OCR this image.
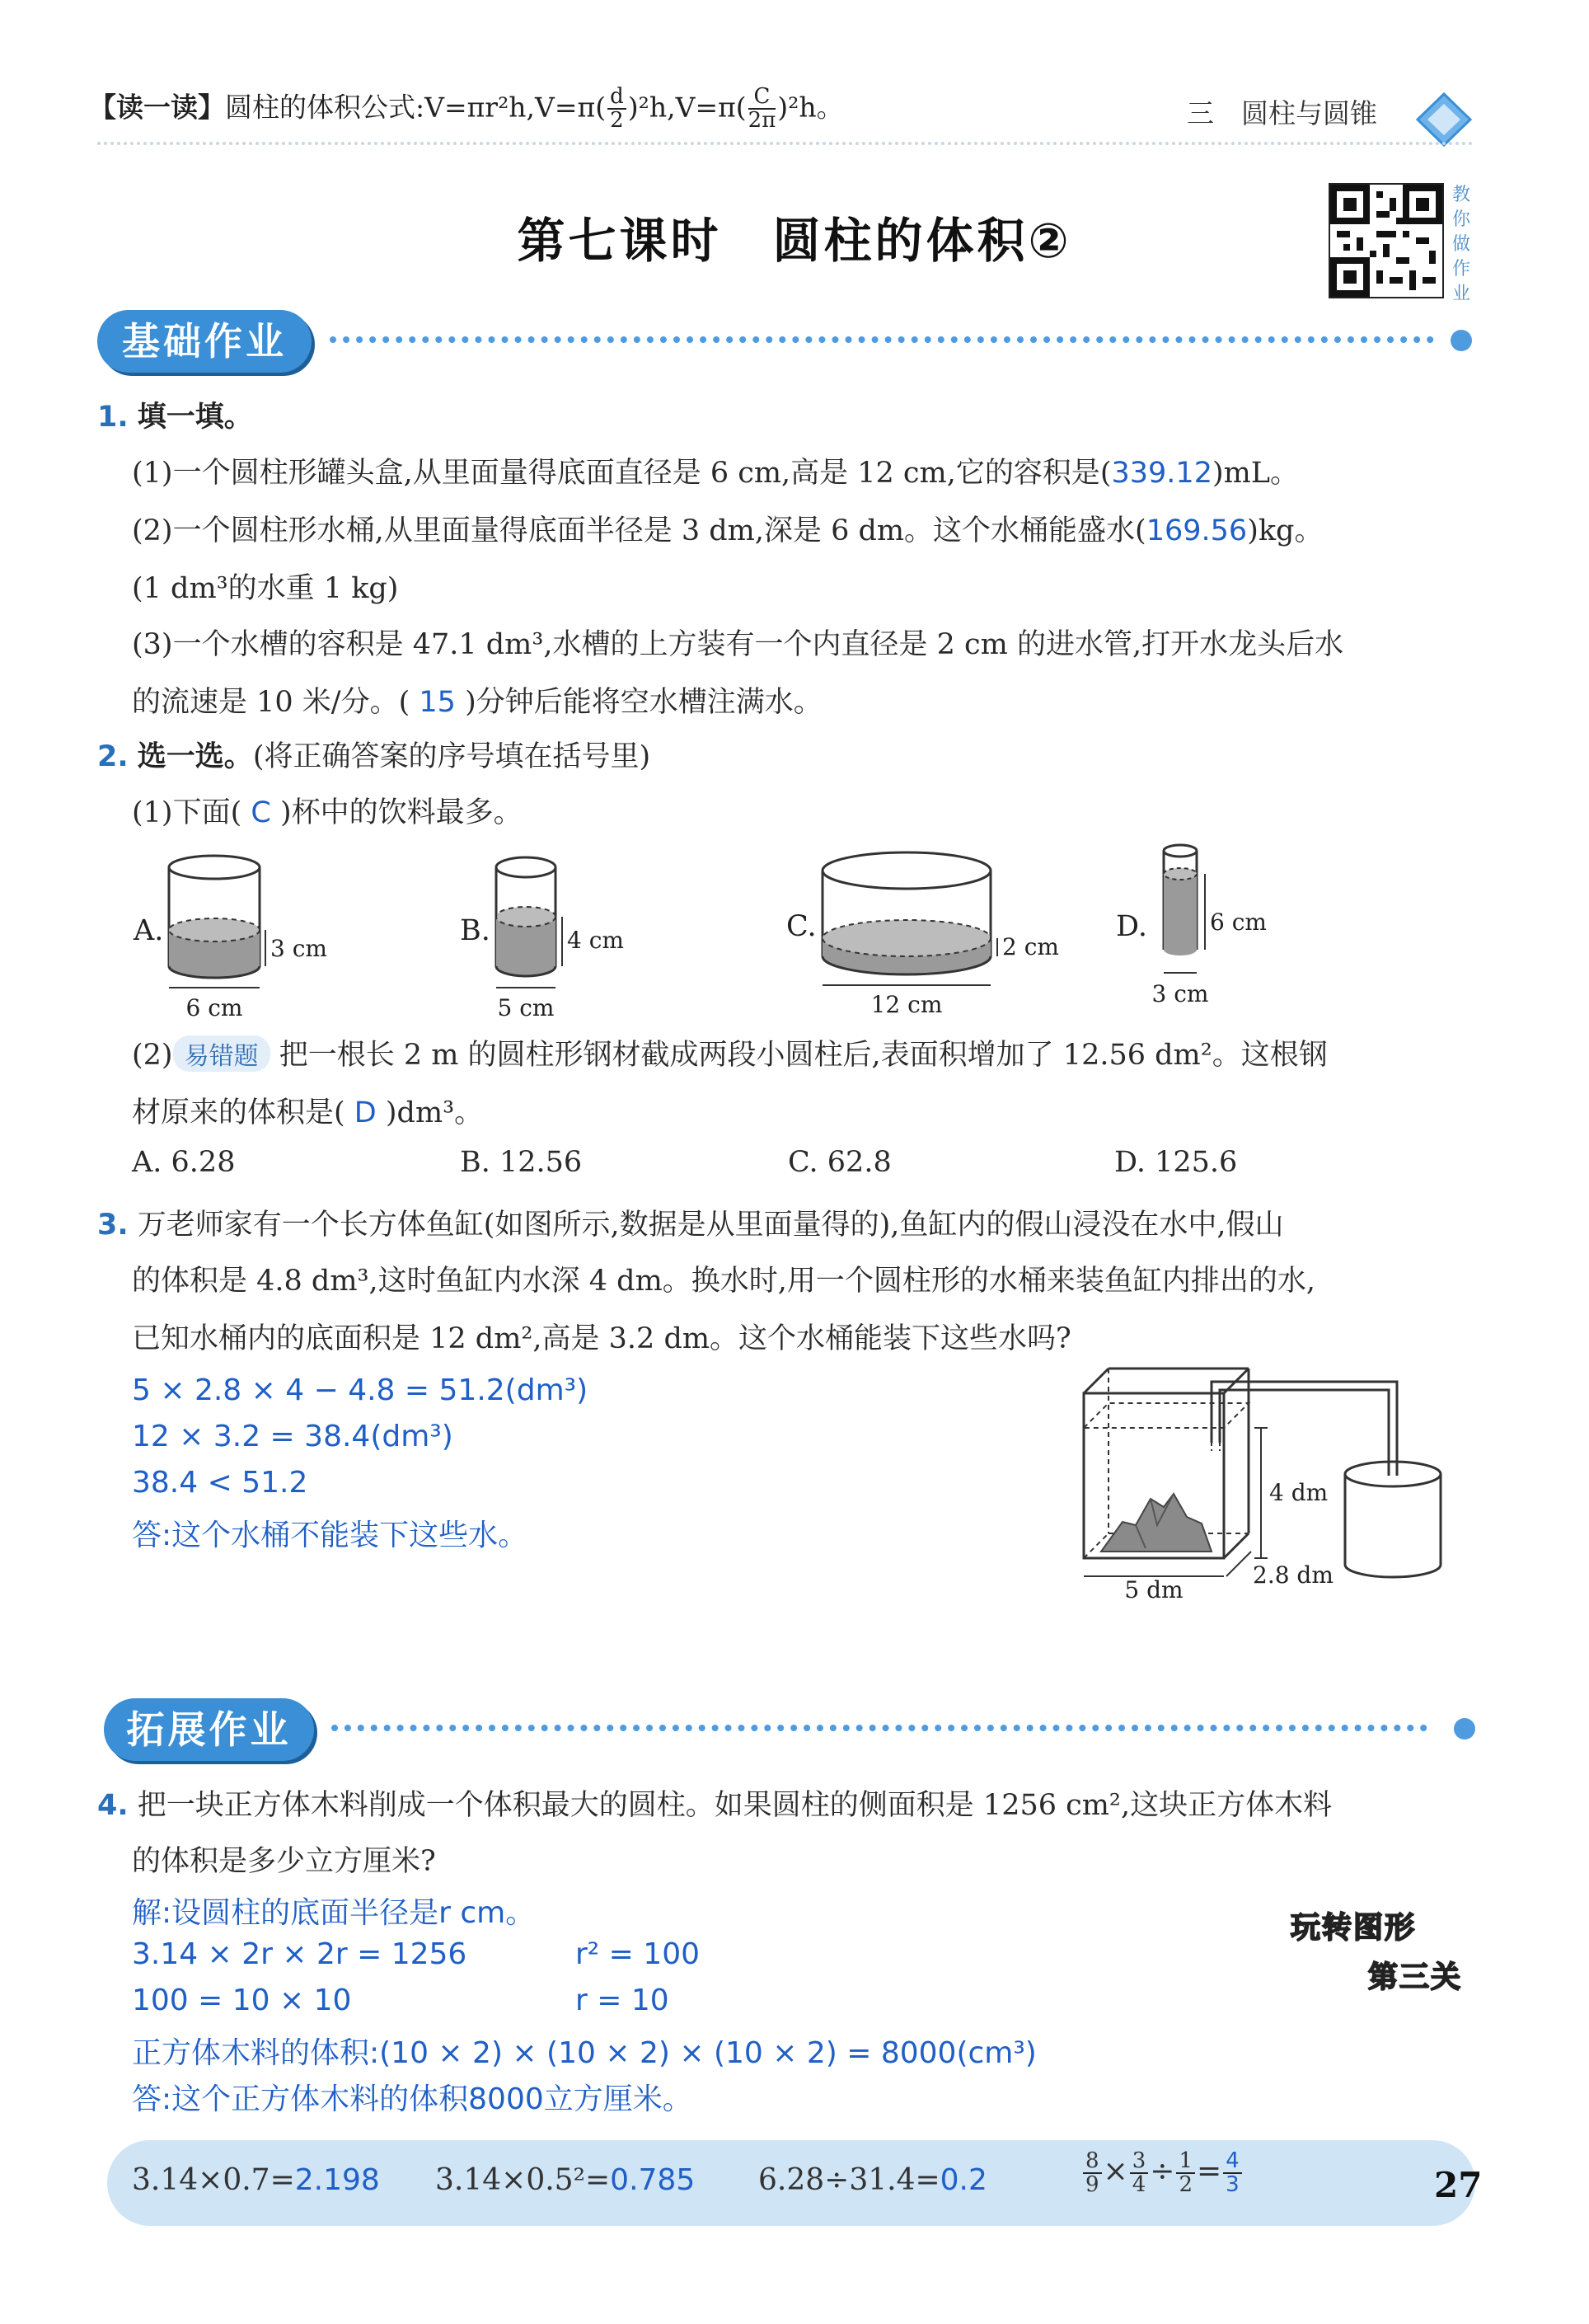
【读一读】圆柱的体积公式:V=πr²h,V=π( $\frac{d}{2} )^2h,V=\pi( \frac{C}{2\pi} )^2h$。	三　圆柱与圆锥
第七课时　圆柱的体积②
教
你
做
作
业
基础作业
1. 填一填。
(1)一个圆柱形罐头盒,从里面量得底面直径是 6 cm,高是 12 cm,它的容积是(339.12)mL。
(2)一个圆柱形水桶,从里面量得底面半径是 3 dm,深是 6 dm。这个水桶能盛水(169.56)kg。
(1 dm³的水重 1 kg)
(3)一个水槽的容积是 47.1 dm³,水槽的上方装有一个内直径是 2 cm 的进水管,打开水龙头后水
的流速是 10 米/分。( 15 )分钟后能将空水槽注满水。
2. 选一选。(将正确答案的序号填在括号里)
(1)下面( C )杯中的饮料最多。
A.
3 cm
6 cm
B.	4 cm
5 cm
C.
2 cm
12 cm
D.	6 cm
3 cm
(2) 易错题 把一根长 2 m 的圆柱形钢材截成两段小圆柱后,表面积增加了 12.56 dm²。这根钢
材原来的体积是( D )dm³。
A. 6.28	B. 12.56	C. 62.8	D. 125.6
3. 万老师家有一个长方体鱼缸(如图所示,数据是从里面量得的),鱼缸内的假山浸没在水中,假山
的体积是 4.8 dm³,这时鱼缸内水深 4 dm。换水时,用一个圆柱形的水桶来装鱼缸内排出的水,
已知水桶内的底面积是 12 dm²,高是 3.2 dm。这个水桶能装下这些水吗?
5 × 2.8 × 4 − 4.8 = 51.2(dm³)
12 × 3.2 = 38.4(dm³)
38.4 < 51.2
答:这个水桶不能装下这些水。
4 dm
5 dm
2.8 dm
拓展作业
4. 把一块正方体木料削成一个体积最大的圆柱。如果圆柱的侧面积是 1256 cm²,这块正方体木料
的体积是多少立方厘米?
解:设圆柱的底面半径是r cm。
3.14 × 2r × 2r = 1256	r² = 100
100 = 10 × 10	r = 10
正方体木料的体积:(10 × 2) × (10 × 2) × (10 × 2) = 8000(cm³)
答:这个正方体木料的体积8000立方厘米。
玩转图形
第三关
3.14×0.7=2.198 3.14×0.5²=0.785 6.28÷31.4=0.2	$\frac{8}{9} \times \frac{3}{4} \div \frac{1}{2} = \frac{4}{3}$	27
